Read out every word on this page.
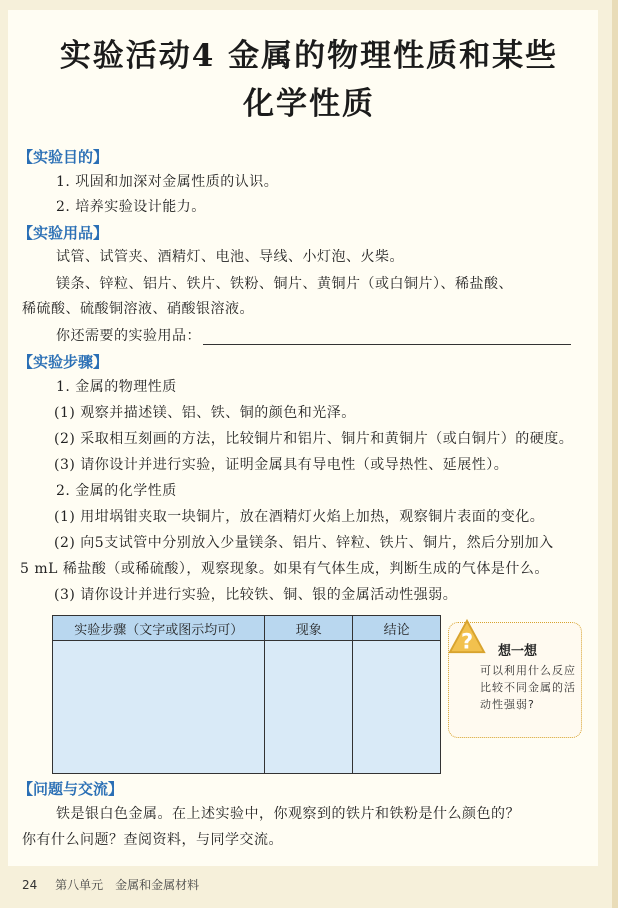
实验活动4 金属的物理性质和某些
化学性质
【实验目的】
1. 巩固和加深对金属性质的认识。
2. 培养实验设计能力。
【实验用品】
试管、试管夹、酒精灯、电池、导线、小灯泡、火柴。
镁条、锌粒、铝片、铁片、铁粉、铜片、黄铜片（或白铜片）、稀盐酸、
稀硫酸、硫酸铜溶液、硝酸银溶液。
你还需要的实验用品：
【实验步骤】
1. 金属的物理性质
(1) 观察并描述镁、铝、铁、铜的颜色和光泽。
(2) 采取相互刻画的方法，比较铜片和铝片、铜片和黄铜片（或白铜片）的硬度。
(3) 请你设计并进行实验，证明金属具有导电性（或导热性、延展性）。
2. 金属的化学性质
(1) 用坩埚钳夹取一块铜片，放在酒精灯火焰上加热，观察铜片表面的变化。
(2) 向5支试管中分别放入少量镁条、铝片、锌粒、铁片、铜片，然后分别加入
5 mL 稀盐酸（或稀硫酸），观察现象。如果有气体生成，判断生成的气体是什么。
(3) 请你设计并进行实验，比较铁、铜、银的金属活动性强弱。
实验步骤（文字或图示均可）	现象	结论
		? 想一想
可以利用什么反应比较不同金属的活动性强弱?
【问题与交流】
铁是银白色金属。在上述实验中，你观察到的铁片和铁粉是什么颜色的？
你有什么问题？查阅资料，与同学交流。
24 第八单元　金属和金属材料
